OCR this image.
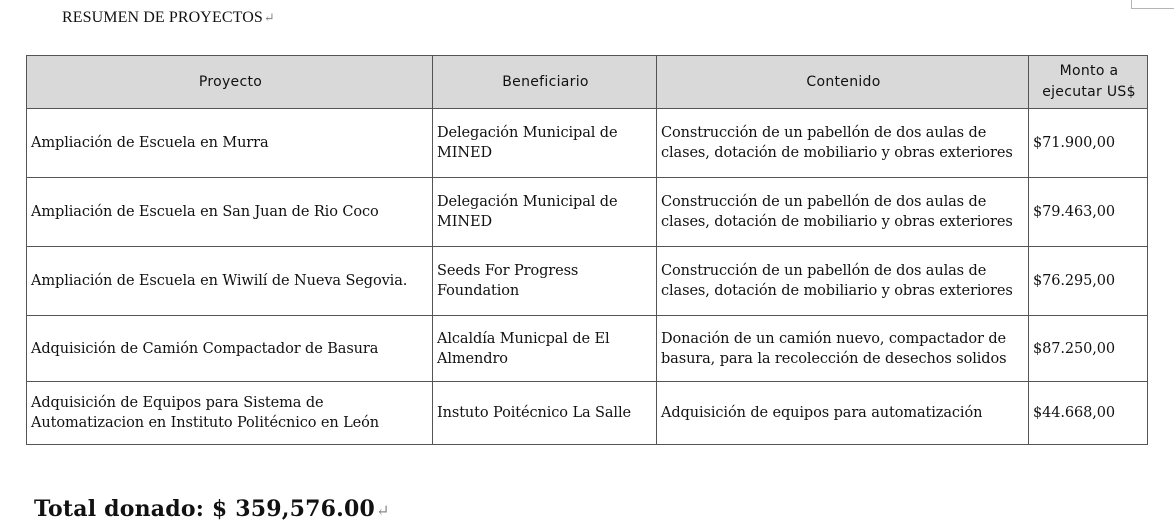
RESUMEN DE PROYECTOS↵
Proyecto	Beneficiario	Contenido	Monto a ejecutar US$
Ampliación de Escuela en Murra	Delegación Municipal de MINED	Construcción de un pabellón de dos aulas de clases, dotación de mobiliario y obras exteriores	$71.900,00
Ampliación de Escuela en San Juan de Rio Coco	Delegación Municipal de MINED	Construcción de un pabellón de dos aulas de clases, dotación de mobiliario y obras exteriores	$79.463,00
Ampliación de Escuela en Wiwilí de Nueva Segovia.	Seeds For Progress Foundation	Construcción de un pabellón de dos aulas de clases, dotación de mobiliario y obras exteriores	$76.295,00
Adquisición de Camión Compactador de Basura	Alcaldía Municpal de El Almendro	Donación de un camión nuevo, compactador de basura, para la recolección de desechos solidos	$87.250,00
Adquisición de Equipos para Sistema de Automatizacion en Instituto Politécnico en León	Instuto Poitécnico La Salle	Adquisición de equipos para automatización	$44.668,00
Total donado: $ 359,576.00↵
